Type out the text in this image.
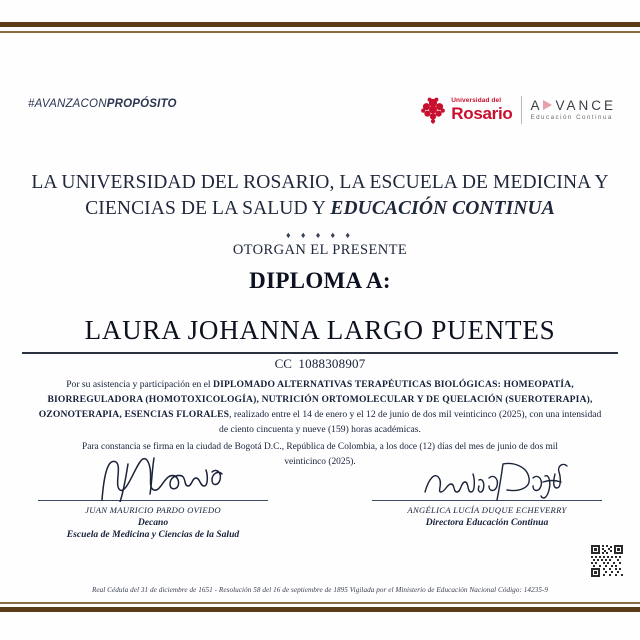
#AVANZACONPROPÓSITO	Universidad del
Rosario A VANCE
Educación Continua
LA UNIVERSIDAD DEL ROSARIO, LA ESCUELA DE MEDICINA Y
CIENCIAS DE LA SALUD Y EDUCACIÓN CONTINUA
♦ ♦ ♦ ♦ ♦
OTORGAN EL PRESENTE
DIPLOMA A:
LAURA JOHANNA LARGO PUENTES
CC 1088308907
Por su asistencia y participación en el DIPLOMADO ALTERNATIVAS TERAPÉUTICAS BIOLÓGICAS: HOMEOPATÍA, BIORREGULADORA (HOMOTOXICOLOGÍA), NUTRICIÓN ORTOMOLECULAR Y DE QUELACIÓN (SUEROTERAPIA), OZONOTERAPIA, ESENCIAS FLORALES, realizado entre el 14 de enero y el 12 de junio de dos mil veinticinco (2025), con una intensidad de ciento cincuenta y nueve (159) horas académicas.
Para constancia se firma en la ciudad de Bogotá D.C., República de Colombia, a los doce (12) días del mes de junio de dos mil veinticinco (2025).
JUAN MAURICIO PARDO OVIEDO
Decano
Escuela de Medicina y Ciencias de la Salud
ANGÉLICA LUCÍA DUQUE ECHEVERRY
Directora Educación Continua
Real Cédula del 31 de diciembre de 1651 - Resolución 58 del 16 de septiembre de 1895 Vigilada por el Ministerio de Educación Nacional Código: 14235-9
